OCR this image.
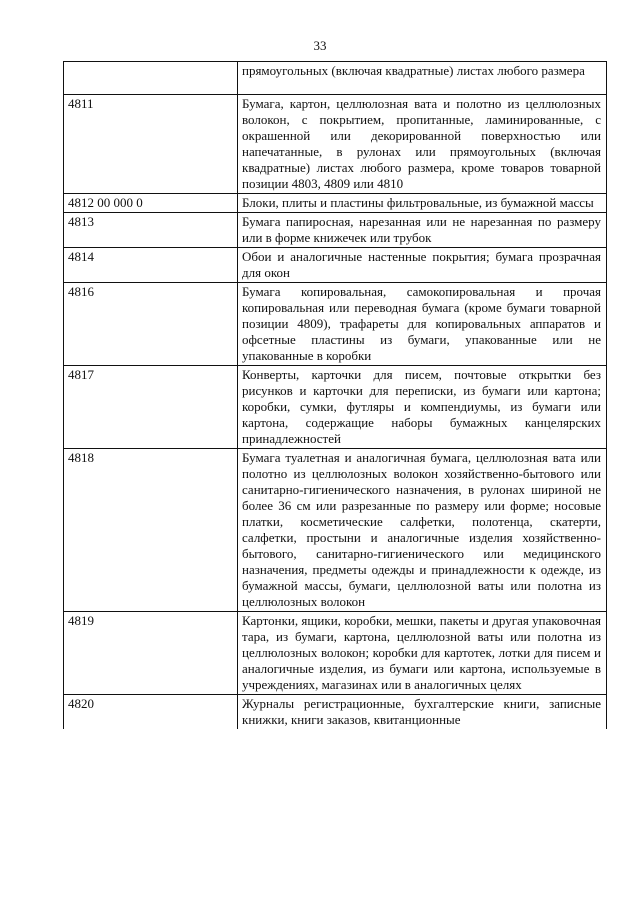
33
	прямоугольных (включая квадратные) листах любого размера
4811	Бумага, картон, целлюлозная вата и полотно из целлюлозных волокон, с покрытием, пропитанные, ламинированные, с окрашенной или декорированной поверхностью или напечатанные, в рулонах или прямоугольных (включая квадратные) листах любого размера, кроме товаров товарной позиции 4803, 4809 или 4810
4812 00 000 0	Блоки, плиты и пластины фильтровальные, из бумажной массы
4813	Бумага папиросная, нарезанная или не нарезанная по размеру или в форме книжечек или трубок
4814	Обои и аналогичные настенные покрытия; бумага прозрачная для окон
4816	Бумага копировальная, самокопировальная и прочая копировальная или переводная бумага (кроме бумаги товарной позиции 4809), трафареты для копировальных аппаратов и офсетные пластины из бумаги, упакованные или не упакованные в коробки
4817	Конверты, карточки для писем, почтовые открытки без рисунков и карточки для переписки, из бумаги или картона; коробки, сумки, футляры и компендиумы, из бумаги или картона, содержащие наборы бумажных канцелярских принадлежностей
4818	Бумага туалетная и аналогичная бумага, целлюлозная вата или полотно из целлюлозных волокон хозяйственно-бытового или санитарно-гигиенического назначения, в рулонах шириной не более 36 см или разрезанные по размеру или форме; носовые платки, косметические салфетки, полотенца, скатерти, салфетки, простыни и аналогичные изделия хозяйственно-бытового, санитарно-гигиенического или медицинского назначения, предметы одежды и принадлежности к одежде, из бумажной массы, бумаги, целлюлозной ваты или полотна из целлюлозных волокон
4819	Картонки, ящики, коробки, мешки, пакеты и другая упаковочная тара, из бумаги, картона, целлюлозной ваты или полотна из целлюлозных волокон; коробки для картотек, лотки для писем и аналогичные изделия, из бумаги или картона, используемые в учреждениях, магазинах или в аналогичных целях
4820	Журналы регистрационные, бухгалтерские книги, записные книжки, книги заказов, квитанционные
